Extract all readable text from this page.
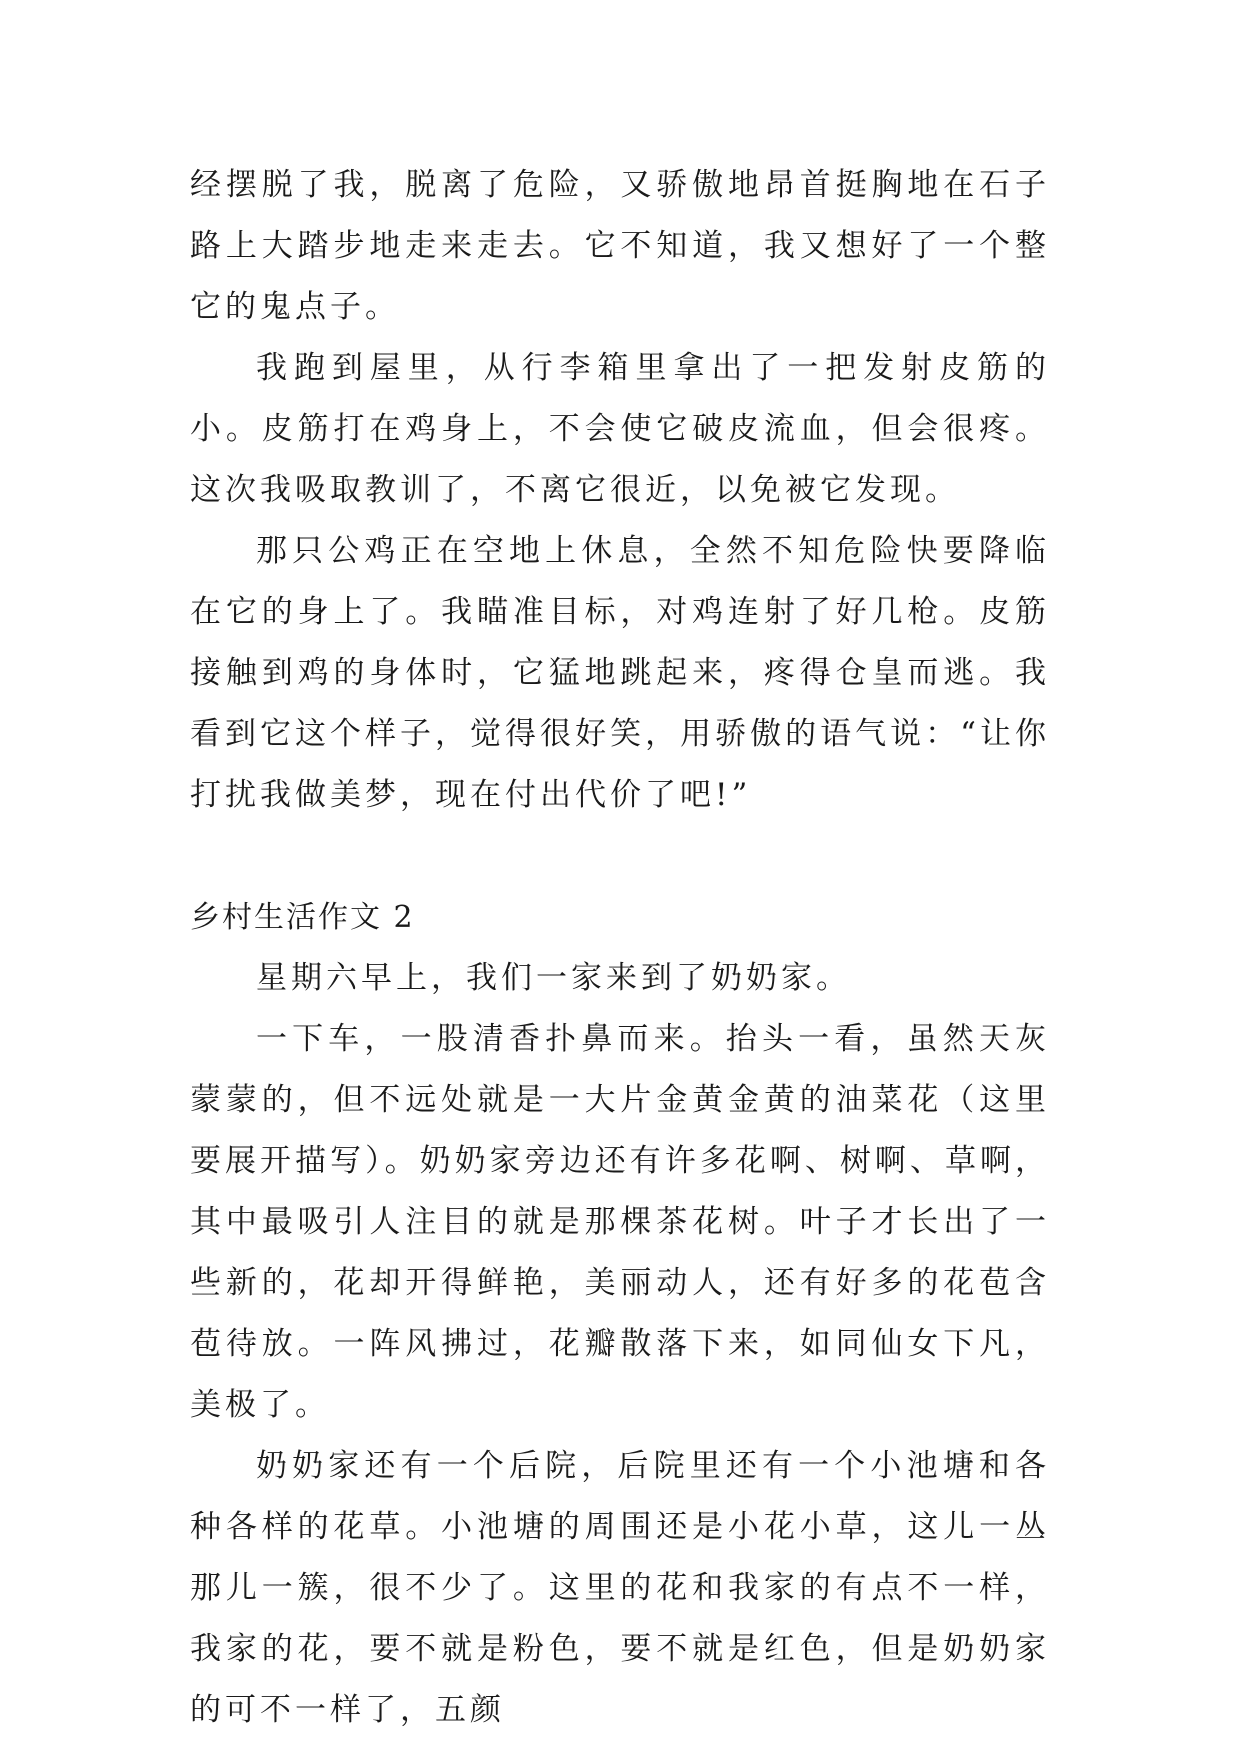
经摆脱了我，脱离了危险，又骄傲地昂首挺胸地在石子路上大踏步地走来走去。它不知道，我又想好了一个整它的鬼点子。

我跑到屋里，从行李箱里拿出了一把发射皮筋的小。皮筋打在鸡身上，不会使它破皮流血，但会很疼。这次我吸取教训了，不离它很近，以免被它发现。

那只公鸡正在空地上休息，全然不知危险快要降临在它的身上了。我瞄准目标，对鸡连射了好几枪。皮筋接触到鸡的身体时，它猛地跳起来，疼得仓皇而逃。我看到它这个样子，觉得很好笑，用骄傲的语气说：“让你打扰我做美梦，现在付出代价了吧!”

乡村生活作文 2

星期六早上，我们一家来到了奶奶家。

一下车，一股清香扑鼻而来。抬头一看，虽然天灰蒙蒙的，但不远处就是一大片金黄金黄的油菜花（这里要展开描写）。奶奶家旁边还有许多花啊、树啊、草啊，其中最吸引人注目的就是那棵茶花树。叶子才长出了一些新的，花却开得鲜艳，美丽动人，还有好多的花苞含苞待放。一阵风拂过，花瓣散落下来，如同仙女下凡，美极了。

奶奶家还有一个后院，后院里还有一个小池塘和各种各样的花草。小池塘的周围还是小花小草，这儿一丛那儿一簇，很不少了。这里的花和我家的有点不一样，我家的花，要不就是粉色，要不就是红色，但是奶奶家的可不一样了，五颜
